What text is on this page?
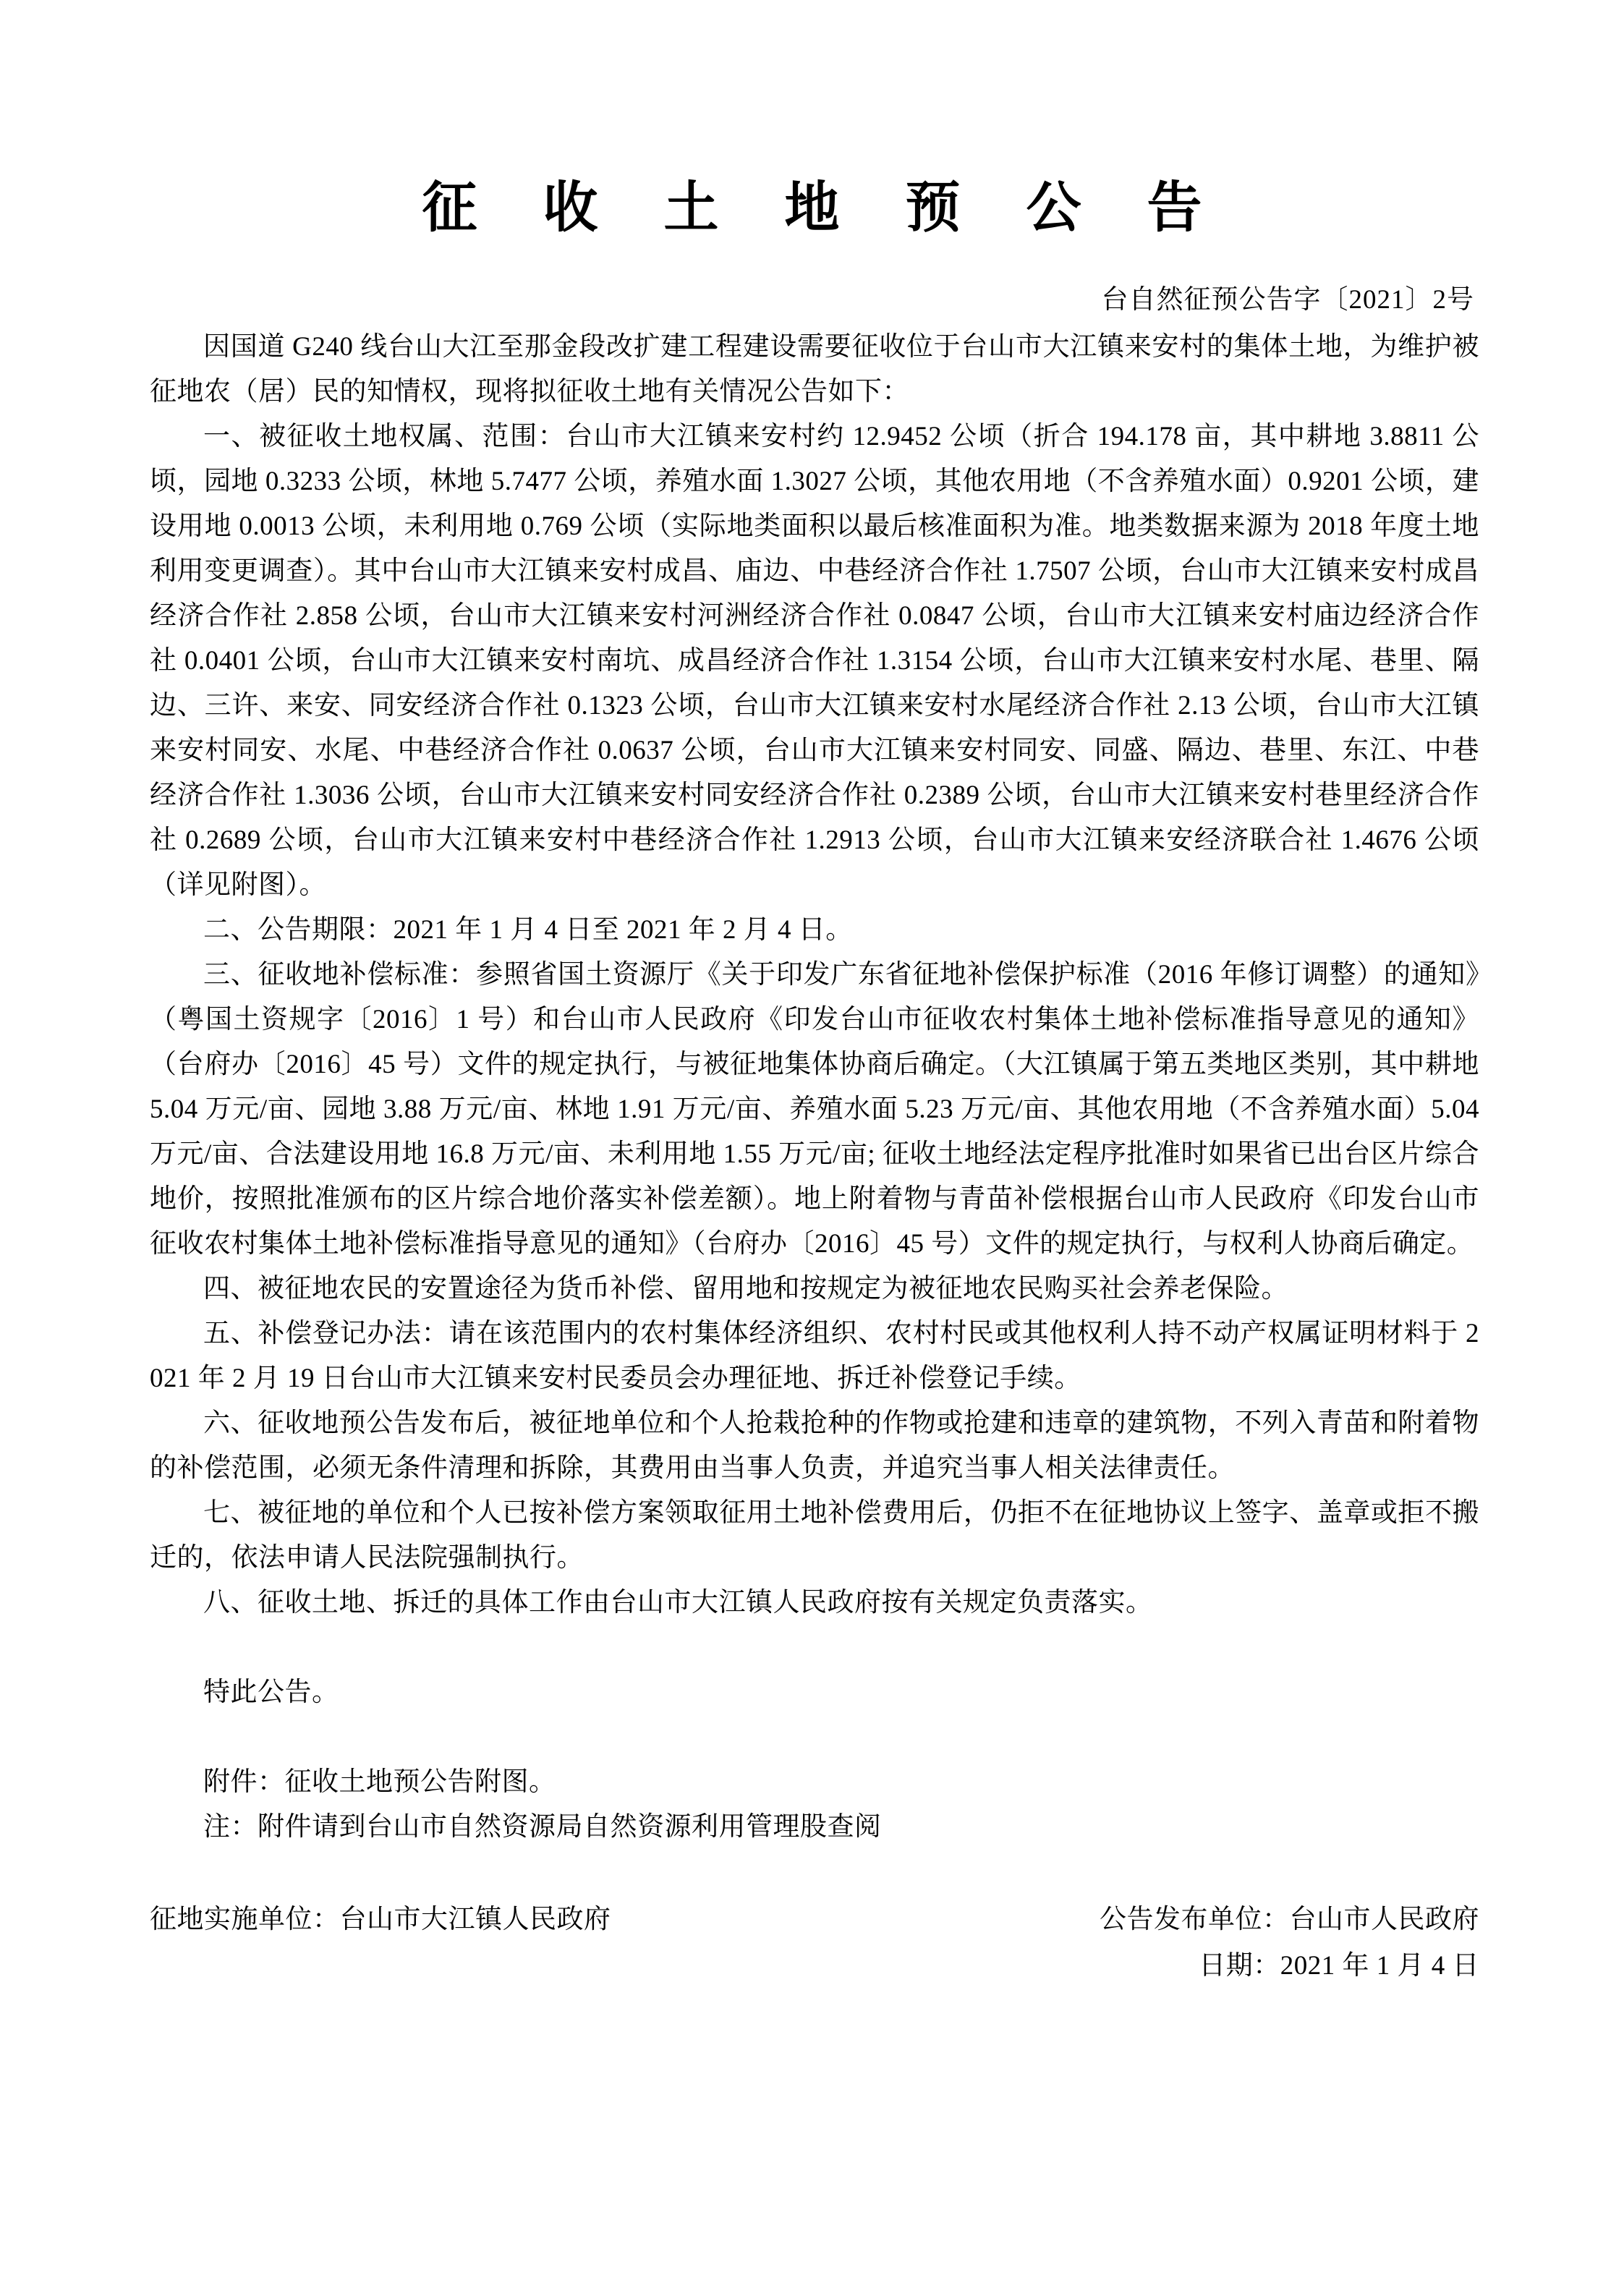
征 收 土 地 预 公 告
台自然征预公告字〔2021〕2号

因国道 G240 线台山大江至那金段改扩建工程建设需要征收位于台山市大江镇来安村的集体土地，为维护被征地农（居）民的知情权，现将拟征收土地有关情况公告如下：

一、被征收土地权属、范围：台山市大江镇来安村约 12.9452 公顷（折合 194.178 亩，其中耕地 3.8811 公顷，园地 0.3233 公顷，林地 5.7477 公顷，养殖水面 1.3027 公顷，其他农用地（不含养殖水面）0.9201 公顷，建设用地 0.0013 公顷，未利用地 0.769 公顷（实际地类面积以最后核准面积为准。地类数据来源为 2018 年度土地利用变更调查）。其中台山市大江镇来安村成昌、庙边、中巷经济合作社 1.7507 公顷，台山市大江镇来安村成昌经济合作社 2.858 公顷，台山市大江镇来安村河洲经济合作社 0.0847 公顷，台山市大江镇来安村庙边经济合作社 0.0401 公顷，台山市大江镇来安村南坑、成昌经济合作社 1.3154 公顷，台山市大江镇来安村水尾、巷里、隔边、三许、来安、同安经济合作社 0.1323 公顷，台山市大江镇来安村水尾经济合作社 2.13 公顷，台山市大江镇来安村同安、水尾、中巷经济合作社 0.0637 公顷，台山市大江镇来安村同安、同盛、隔边、巷里、东江、中巷经济合作社 1.3036 公顷，台山市大江镇来安村同安经济合作社 0.2389 公顷，台山市大江镇来安村巷里经济合作社 0.2689 公顷，台山市大江镇来安村中巷经济合作社 1.2913 公顷，台山市大江镇来安经济联合社 1.4676 公顷（详见附图）。

二、公告期限：2021 年 1 月 4 日至 2021 年 2 月 4 日。

三、征收地补偿标准：参照省国土资源厅《关于印发广东省征地补偿保护标准（2016 年修订调整）的通知》（粤国土资规字〔2016〕1 号）和台山市人民政府《印发台山市征收农村集体土地补偿标准指导意见的通知》（台府办〔2016〕45 号）文件的规定执行，与被征地集体协商后确定。（大江镇属于第五类地区类别，其中耕地 5.04 万元/亩、园地 3.88 万元/亩、林地 1.91 万元/亩、养殖水面 5.23 万元/亩、其他农用地（不含养殖水面）5.04 万元/亩、合法建设用地 16.8 万元/亩、未利用地 1.55 万元/亩; 征收土地经法定程序批准时如果省已出台区片综合地价，按照批准颁布的区片综合地价落实补偿差额）。地上附着物与青苗补偿根据台山市人民政府《印发台山市征收农村集体土地补偿标准指导意见的通知》（台府办〔2016〕45 号）文件的规定执行，与权利人协商后确定。

四、被征地农民的安置途径为货币补偿、留用地和按规定为被征地农民购买社会养老保险。

五、补偿登记办法：请在该范围内的农村集体经济组织、农村村民或其他权利人持不动产权属证明材料于 2021 年 2 月 19 日台山市大江镇来安村民委员会办理征地、拆迁补偿登记手续。

六、征收地预公告发布后，被征地单位和个人抢栽抢种的作物或抢建和违章的建筑物，不列入青苗和附着物的补偿范围，必须无条件清理和拆除，其费用由当事人负责，并追究当事人相关法律责任。

七、被征地的单位和个人已按补偿方案领取征用土地补偿费用后，仍拒不在征地协议上签字、盖章或拒不搬迁的，依法申请人民法院强制执行。

八、征收土地、拆迁的具体工作由台山市大江镇人民政府按有关规定负责落实。

特此公告。

附件：征收土地预公告附图。

注：附件请到台山市自然资源局自然资源利用管理股查阅

征地实施单位：台山市大江镇人民政府	公告发布单位：台山市人民政府
日期：2021 年 1 月 4 日
